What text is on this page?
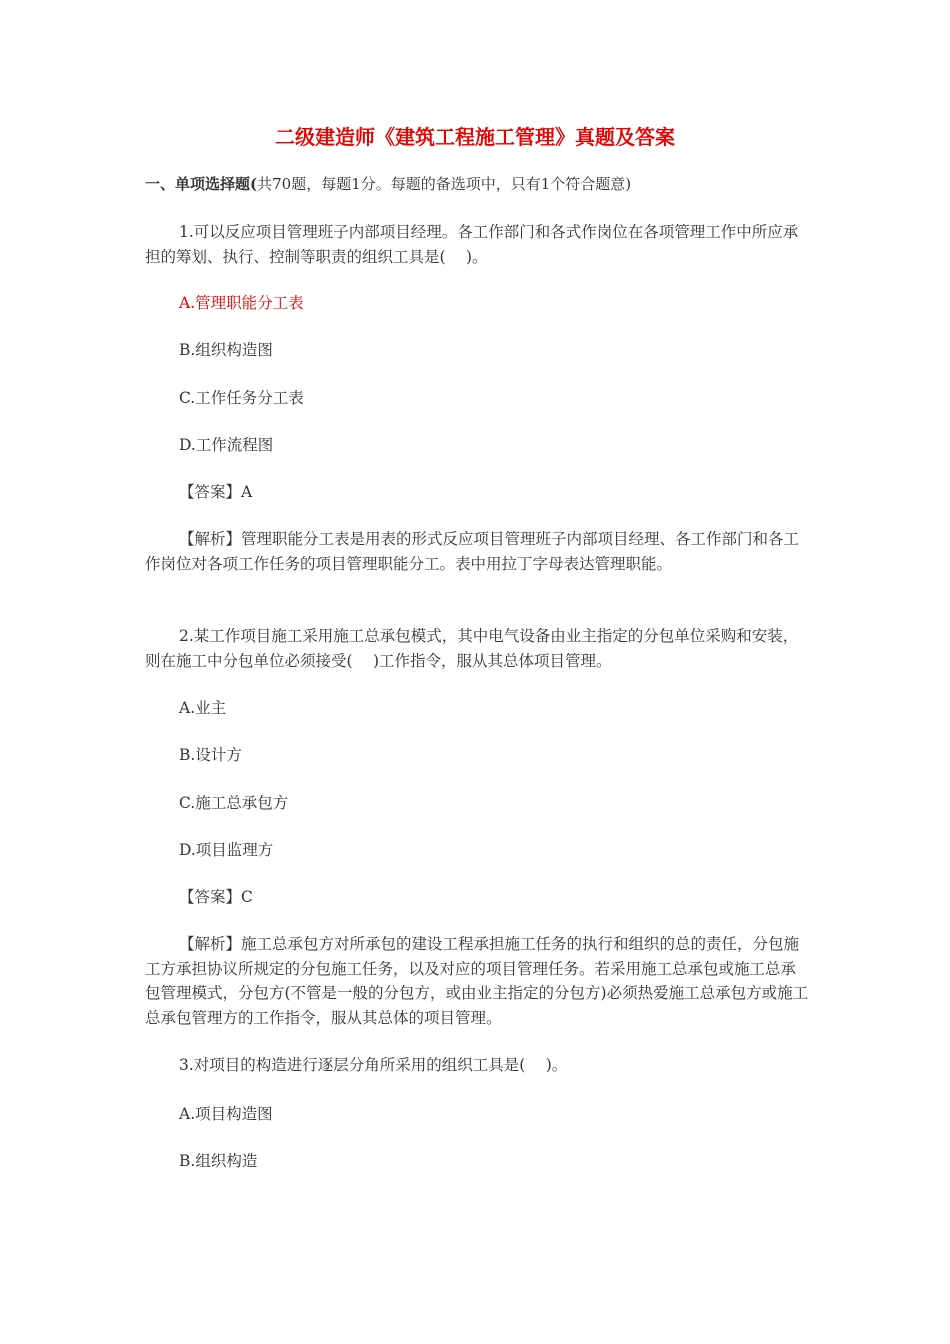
二级建造师《建筑工程施工管理》真题及答案

一、单项选择题(共70题，每题1分。每题的备选项中，只有1个符合题意)

1.可以反应项目管理班子内部项目经理。各工作部门和各式作岗位在各项管理工作中所应承担的筹划、执行、控制等职责的组织工具是(　 )。

A.管理职能分工表

B.组织构造图

C.工作任务分工表

D.工作流程图

【答案】A

【解析】管理职能分工表是用表的形式反应项目管理班子内部项目经理、各工作部门和各工作岗位对各项工作任务的项目管理职能分工。表中用拉丁字母表达管理职能。

2.某工作项目施工采用施工总承包模式，其中电气设备由业主指定的分包单位采购和安装，则在施工中分包单位必须接受(　 )工作指令，服从其总体项目管理。

A.业主

B.设计方

C.施工总承包方

D.项目监理方

【答案】C

【解析】施工总承包方对所承包的建设工程承担施工任务的执行和组织的总的责任，分包施工方承担协议所规定的分包施工任务，以及对应的项目管理任务。若采用施工总承包或施工总承包管理模式，分包方(不管是一般的分包方，或由业主指定的分包方)必须热爱施工总承包方或施工总承包管理方的工作指令，服从其总体的项目管理。

3.对项目的构造进行逐层分角所采用的组织工具是(　 )。

A.项目构造图

B.组织构造
